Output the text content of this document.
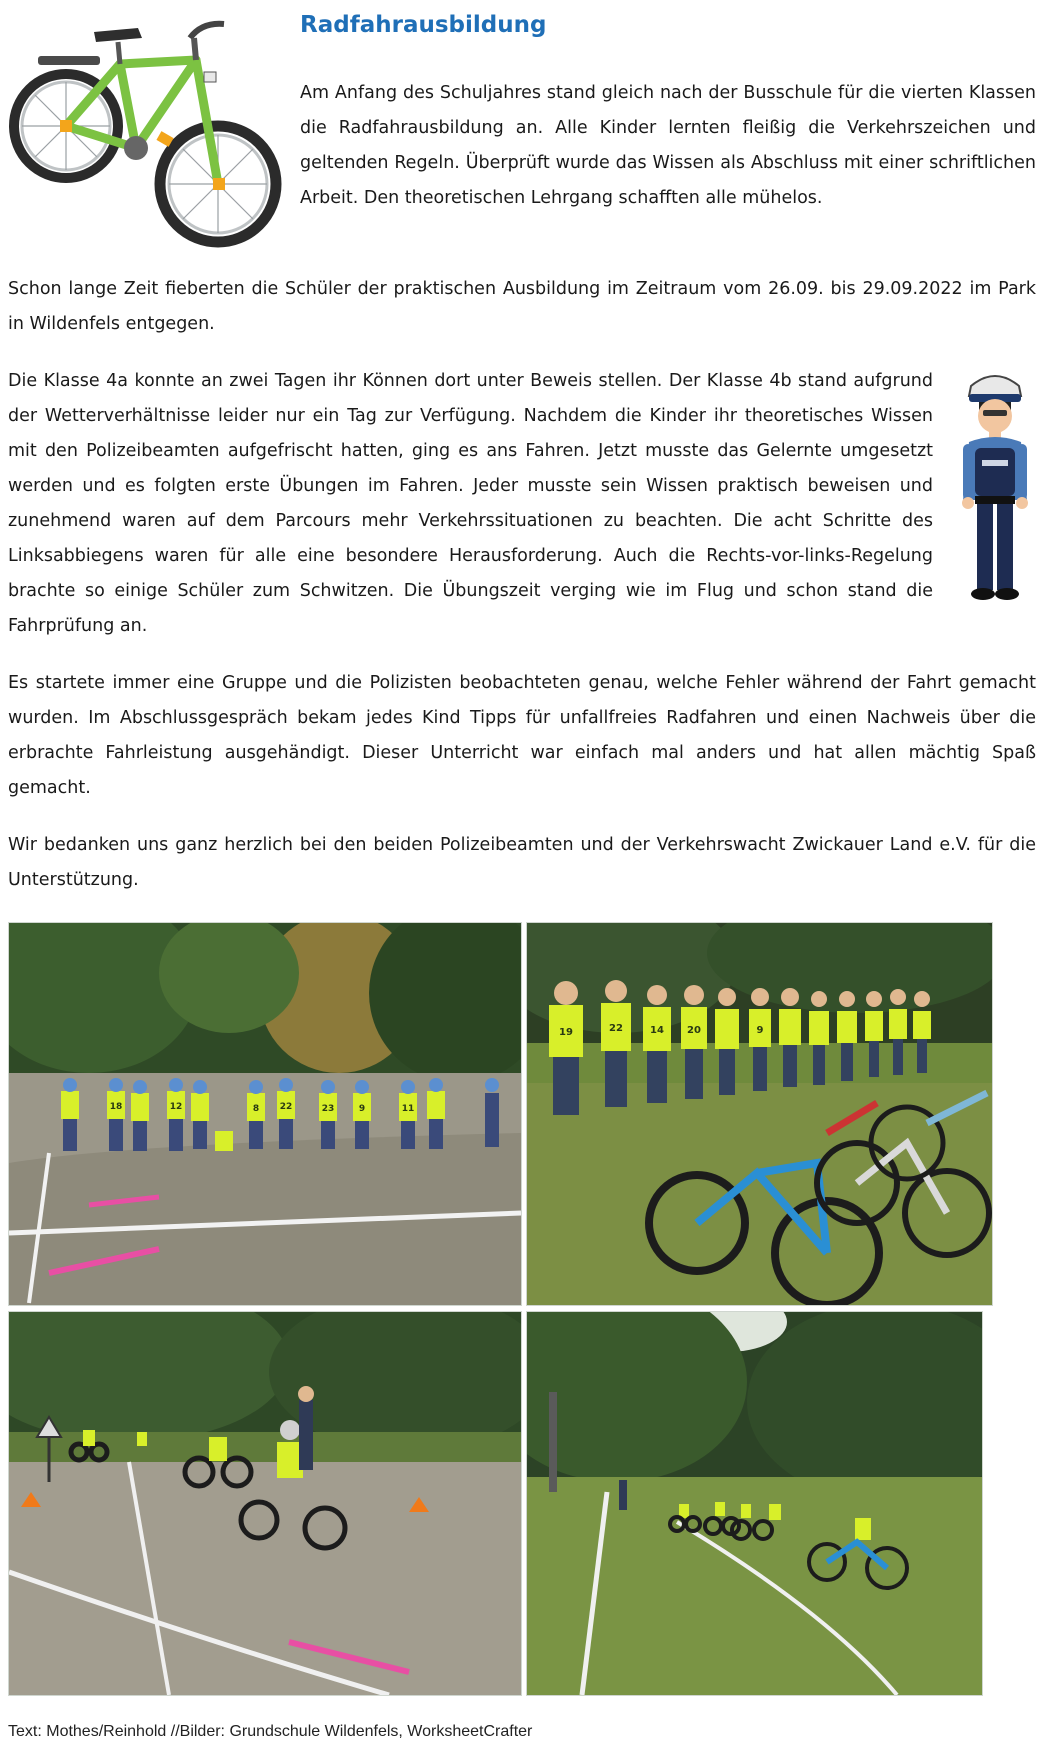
Radfahrausbildung

Am Anfang des Schuljahres stand gleich nach der Busschule für die vierten Klassen die Radfahrausbildung an. Alle Kinder lernten fleißig die Verkehrszeichen und geltenden Regeln. Überprüft wurde das Wissen als Abschluss mit einer schriftlichen Arbeit. Den theoretischen Lehrgang schafften alle mühelos.

Schon lange Zeit fieberten die Schüler der praktischen Ausbildung im Zeitraum vom 26.09. bis 29.09.2022 im Park in Wildenfels entgegen.

Die Klasse 4a konnte an zwei Tagen ihr Können dort unter Beweis stellen. Der Klasse 4b stand aufgrund der Wetterverhältnisse leider nur ein Tag zur Verfügung. Nachdem die Kinder ihr theoretisches Wissen mit den Polizeibeamten aufgefrischt hatten, ging es ans Fahren. Jetzt musste das Gelernte umgesetzt werden und es folgten erste Übungen im Fahren. Jeder musste sein Wissen praktisch beweisen und zunehmend waren auf dem Parcours mehr Verkehrssituationen zu beachten. Die acht Schritte des Linksabbiegens waren für alle eine besondere Herausforderung. Auch die Rechts-vor-links-Regelung brachte so einige Schüler zum Schwitzen. Die Übungszeit verging wie im Flug und schon stand die Fahrprüfung an.

Es startete immer eine Gruppe und die Polizisten beobachteten genau, welche Fehler während der Fahrt gemacht wurden. Im Abschlussgespräch bekam jedes Kind Tipps für unfallfreies Radfahren und einen Nachweis über die erbrachte Fahrleistung ausgehändigt. Dieser Unterricht war einfach mal anders und hat allen mächtig Spaß gemacht.

Wir bedanken uns ganz herzlich bei den beiden Polizeibeamten und der Verkehrswacht Zwickauer Land e.V. für die Unterstützung.

18	12	8 22	23	9	11
19	22	14 20	9

Text: Mothes/Reinhold //Bilder: Grundschule Wildenfels, WorksheetCrafter
